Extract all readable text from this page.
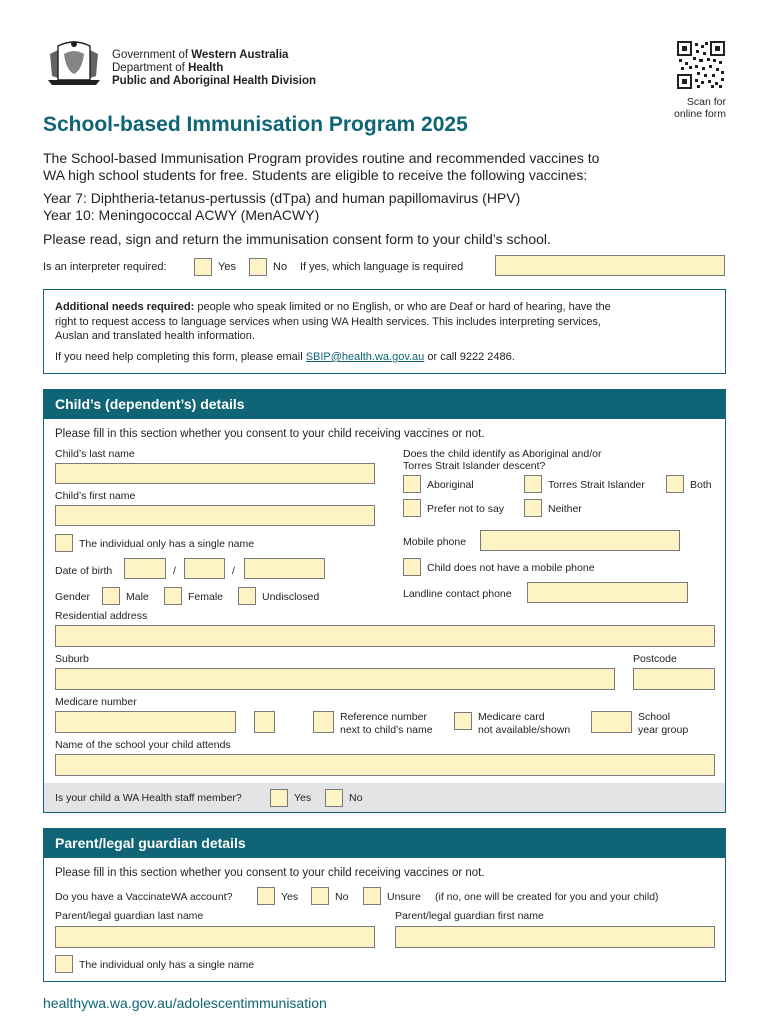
Government of Western Australia
Department of Health
Public and Aboriginal Health Division
Scan for
online form
School-based Immunisation Program 2025
The School-based Immunisation Program provides routine and recommended vaccines to
WA high school students for free. Students are eligible to receive the following vaccines:
Year 7: Diphtheria-tetanus-pertussis (dTpa) and human papillomavirus (HPV)
Year 10: Meningococcal ACWY (MenACWY)
Please read, sign and return the immunisation consent form to your child’s school.
Is an interpreter required:	Yes	No If yes, which language is required
Additional needs required: people who speak limited or no English, or who are Deaf or hard of hearing, have the
right to request access to language services when using WA Health services. This includes interpreting services,
Auslan and translated health information.
If you need help completing this form, please email SBIP@health.wa.gov.au or call 9222 2486.
Child’s (dependent’s) details
Please fill in this section whether you consent to your child receiving vaccines or not.
Child’s last name
Child’s first name
The individual only has a single name
Date of birth	/	/
Gender	Male	Female	Undisclosed
Does the child identify as Aboriginal and/or
Torres Strait Islander descent?
Aboriginal	Torres Strait Islander	Both
Prefer not to say	Neither
Mobile phone
Child does not have a mobile phone
Landline contact phone
Residential address
Suburb	Postcode
Medicare number
Reference number
next to child’s name
Medicare card
not available/shown
School
year group
Name of the school your child attends
Is your child a WA Health staff member?	Yes	No
Parent/legal guardian details
Please fill in this section whether you consent to your child receiving vaccines or not.
Do you have a VaccinateWA account?	Yes	No	Unsure (if no, one will be created for you and your child)
Parent/legal guardian last name	Parent/legal guardian first name
The individual only has a single name
healthywa.wa.gov.au/adolescentimmunisation
